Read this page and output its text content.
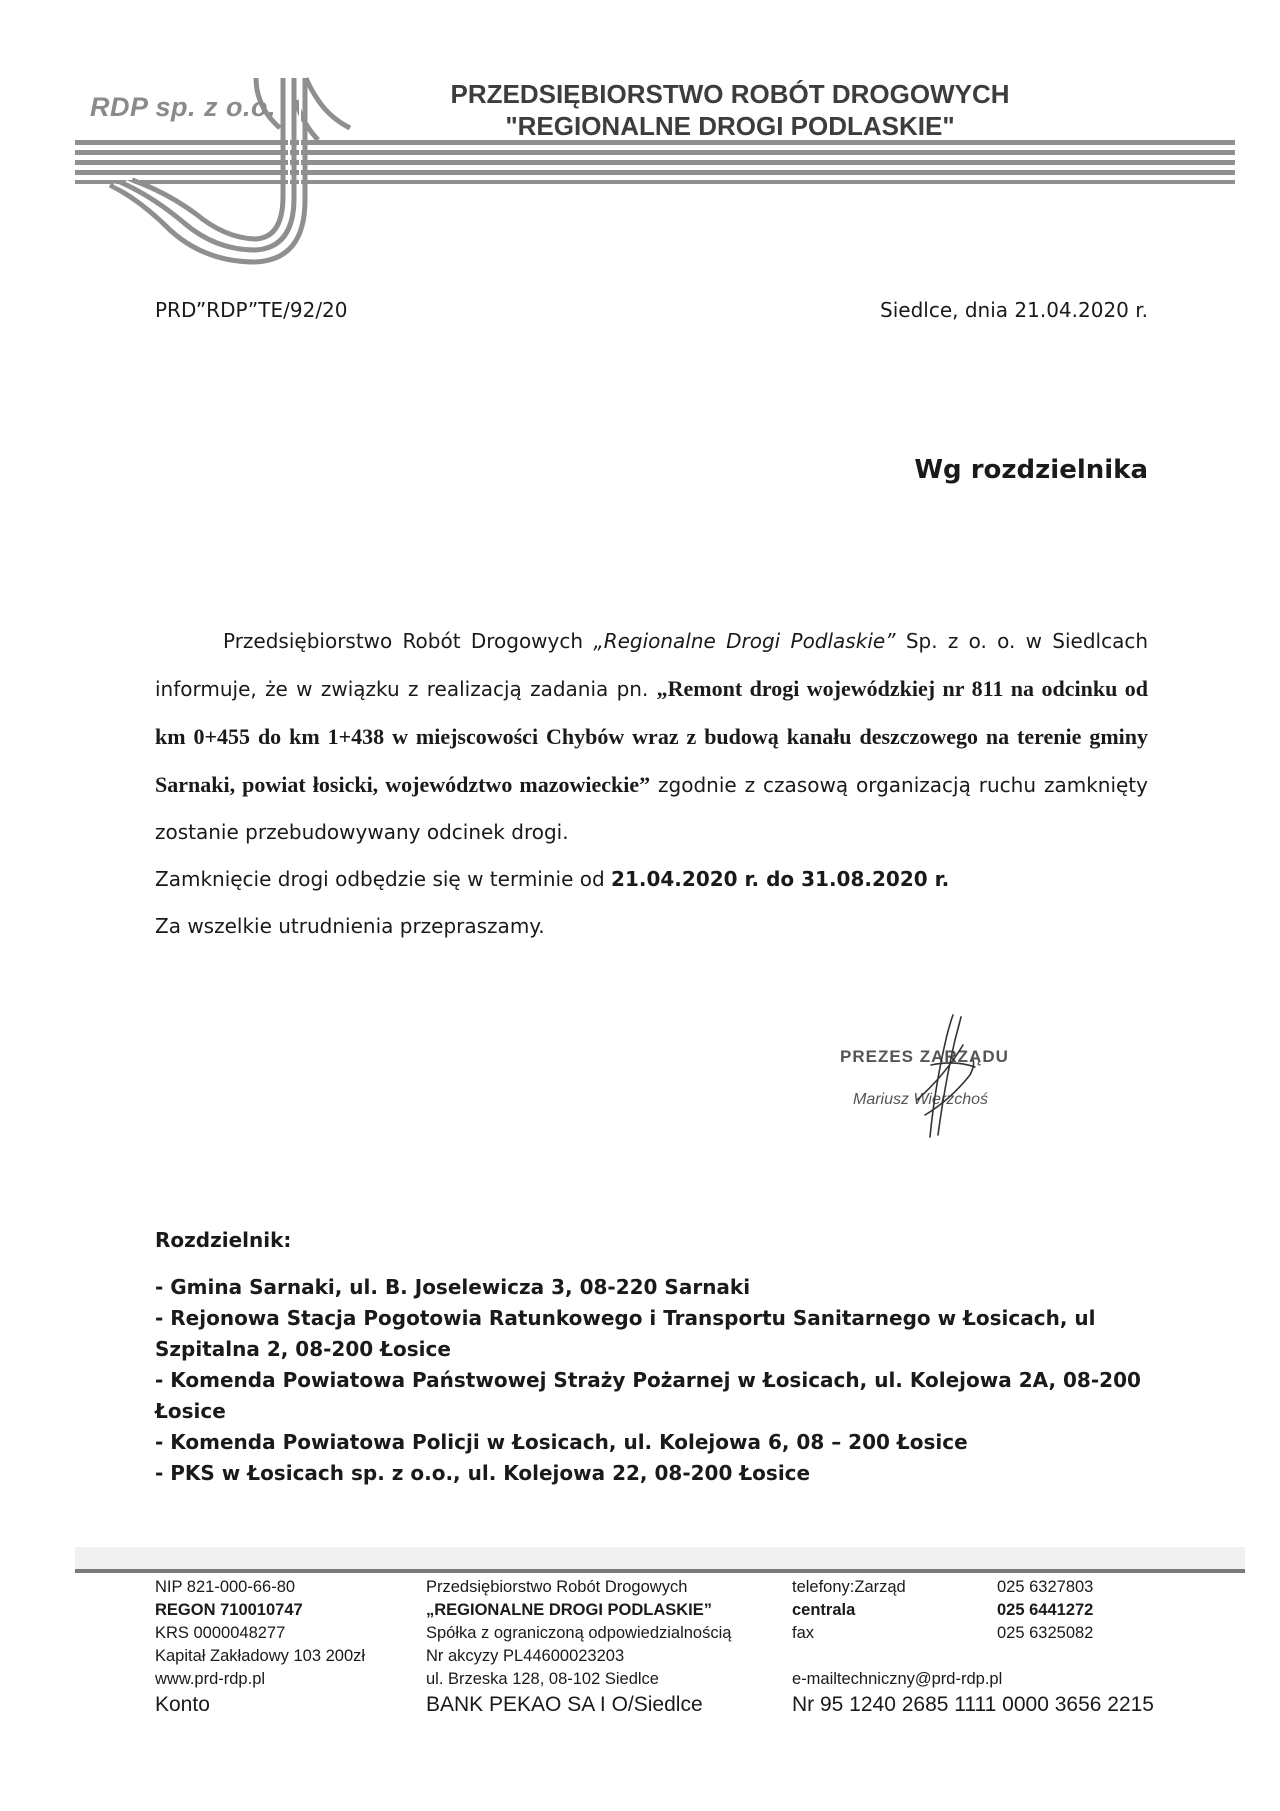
RDP sp. z o.o.	PRZEDSIĘBIORSTWO ROBÓT DROGOWYCH
"REGIONALNE DROGI PODLASKIE"
PRD”RDP”TE/92/20	Siedlce, dnia 21.04.2020 r.
Wg rozdzielnika

Przedsiębiorstwo Robót Drogowych „Regionalne Drogi Podlaskie” Sp. z o. o. w Siedlcach informuje, że w związku z realizacją zadania pn. „Remont drogi wojewódzkiej nr 811 na odcinku od km 0+455 do km 1+438 w miejscowości Chybów wraz z budową kanału deszczowego na terenie gminy Sarnaki, powiat łosicki, województwo mazowieckie” zgodnie z czasową organizacją ruchu zamknięty zostanie przebudowywany odcinek drogi.

Zamknięcie drogi odbędzie się w terminie od 21.04.2020 r. do 31.08.2020 r.

Za wszelkie utrudnienia przepraszamy.

PREZES ZARZĄDU
Mariusz Wierzchoś
Rozdzielnik:
- Gmina Sarnaki, ul. B. Joselewicza 3, 08-220 Sarnaki
- Rejonowa Stacja Pogotowia Ratunkowego i Transportu Sanitarnego w Łosicach, ul Szpitalna 2, 08-200 Łosice
- Komenda Powiatowa Państwowej Straży Pożarnej w Łosicach, ul. Kolejowa 2A, 08-200 Łosice
- Komenda Powiatowa Policji w Łosicach, ul. Kolejowa 6, 08 – 200 Łosice
- PKS w Łosicach sp. z o.o., ul. Kolejowa 22, 08-200 Łosice
NIP 821-000-66-80
REGON 710010747
KRS 0000048277
Kapitał Zakładowy 103 200zł
www.prd-rdp.pl
Konto
Przedsiębiorstwo Robót Drogowych
„REGIONALNE DROGI PODLASKIE”
Spółka z ograniczoną odpowiedzialnością
Nr akcyzy PL44600023203
ul. Brzeska 128, 08-102 Siedlce
BANK PEKAO SA I O/Siedlce
telefony:Zarząd
centrala
fax
e-mailtechniczny@prd-rdp.pl
Nr 95 1240 2685 1111 0000 3656 2215
025 6327803
025 6441272
025 6325082
